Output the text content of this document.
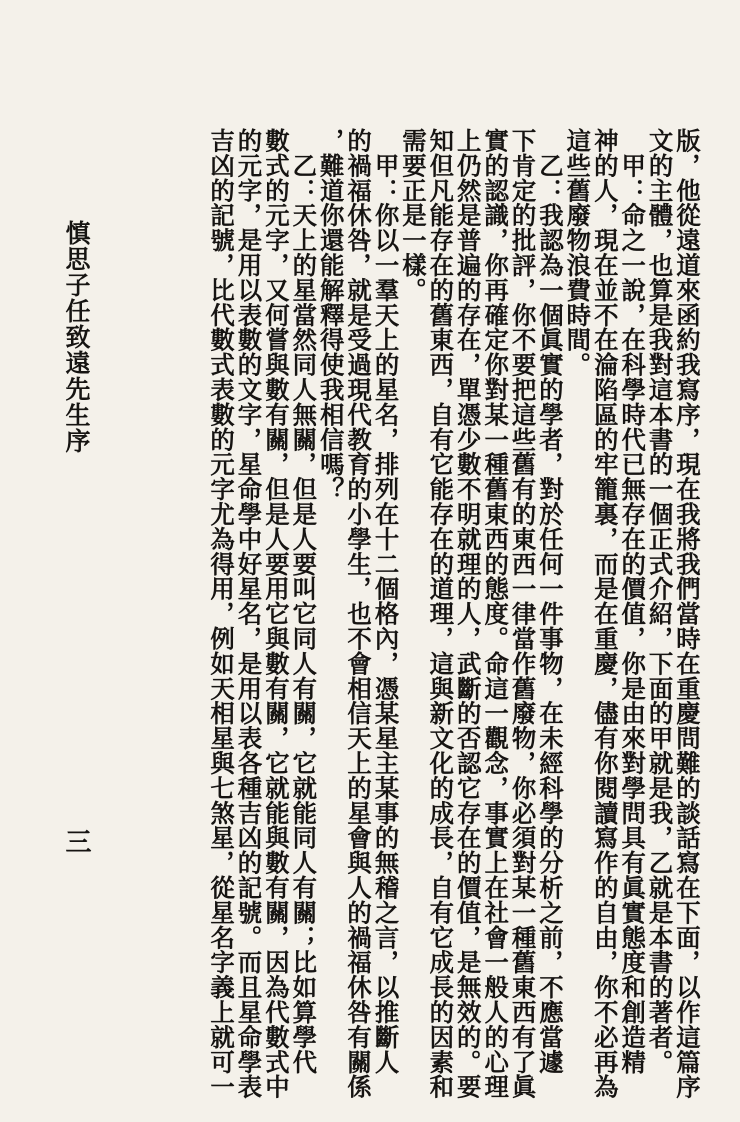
版，他從遠道來函約我寫序，現在我將我們當時在重慶問難的談話寫在下面，以作這篇序

文的主體，也算是我對這本書的一個正式介紹，下面的甲就是我，乙就是本書的著者。

　甲：命之一說，在科學時代已無存在的價值，你是由來對學問具有眞實態度和創造精

神的人，現在並不在淪陷區的牢籠裏，而是在重慶，儘有你閱讀寫作的自由，你不必再為

這些舊廢物浪費時間。

　乙：我認為一個眞實的學者，對於任何一件事物，在未經科學的分析之前，不應當遽

下肯定的批評，你不要把這些舊有的東西一律當作舊廢物，你必須對某一種舊東西有了眞

實的認識，你再確定你對某一種舊東西的態度。命這一觀念，事實上在社會一般人的心理

上仍然是普遍的存在，單憑少數不明就理的人，武斷的否認它存在的價值，是無效的。要

知但凡能存在的舊東西，自有它能存在的道理，這與新文化的成長，自有它成長的因素和

需要正是一樣。

　甲：你以一羣天上的星名，排列在十二個格內，憑某星主某事的無稽之言，以推斷人

的禍福休咎，就是受過現代教育的小學生，也不會相信天上的星會與人的禍福休咎有關係

，難道你還能解釋得使我相信嗎？

　乙：天上的星當然同人無關，但是人要叫它同人有關，它就能同人有關；比如算學代

數式的元字，又何嘗與數有關，但是人要用它與數有關，它就能與數有關，因為代數式中

的元字，是用以表數的文字，星命學中好星名，是用以表各種吉凶的記號。而且星命學表

吉凶的記號，比代數式表數的元字尤為得用，例如天相星與七煞星，從星名字義上就可一

慎思子任致遠先生序
三
